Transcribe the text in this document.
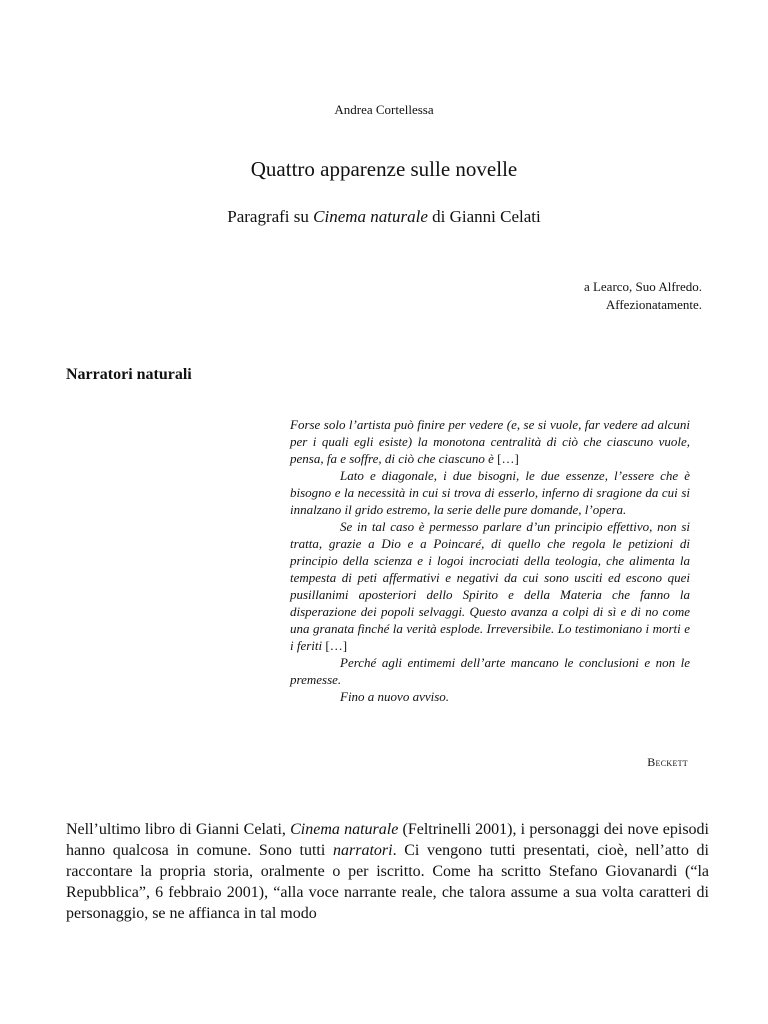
Andrea Cortellessa
Quattro apparenze sulle novelle
Paragrafi su Cinema naturale di Gianni Celati
a Learco, Suo Alfredo.
Affezionatamente.
Narratori naturali

Forse solo l’artista può finire per vedere (e, se si vuole, far vedere ad alcuni per i quali egli esiste) la monotona centralità di ciò che ciascuno vuole, pensa, fa e soffre, di ciò che ciascuno è […]

Lato e diagonale, i due bisogni, le due essenze, l’essere che è bisogno e la necessità in cui si trova di esserlo, inferno di sragione da cui si innalzano il grido estremo, la serie delle pure domande, l’opera.

Se in tal caso è permesso parlare d’un principio effettivo, non si tratta, grazie a Dio e a Poincaré, di quello che regola le petizioni di principio della scienza e i logoi incrociati della teologia, che alimenta la tempesta di peti affermativi e negativi da cui sono usciti ed escono quei pusillanimi aposteriori dello Spirito e della Materia che fanno la disperazione dei popoli selvaggi. Questo avanza a colpi di sì e di no come una granata finché la verità esplode. Irreversibile. Lo testimoniano i morti e i feriti […]

Perché agli entimemi dell’arte mancano le conclusioni e non le premesse.

Fino a nuovo avviso.

Beckett

Nell’ultimo libro di Gianni Celati, Cinema naturale (Feltrinelli 2001), i personaggi dei nove episodi hanno qualcosa in comune. Sono tutti narratori. Ci vengono tutti presentati, cioè, nell’atto di raccontare la propria storia, oralmente o per iscritto. Come ha scritto Stefano Giovanardi (“la Repubblica”, 6 febbraio 2001), “alla voce narrante reale, che talora assume a sua volta caratteri di personaggio, se ne affianca in tal modo
